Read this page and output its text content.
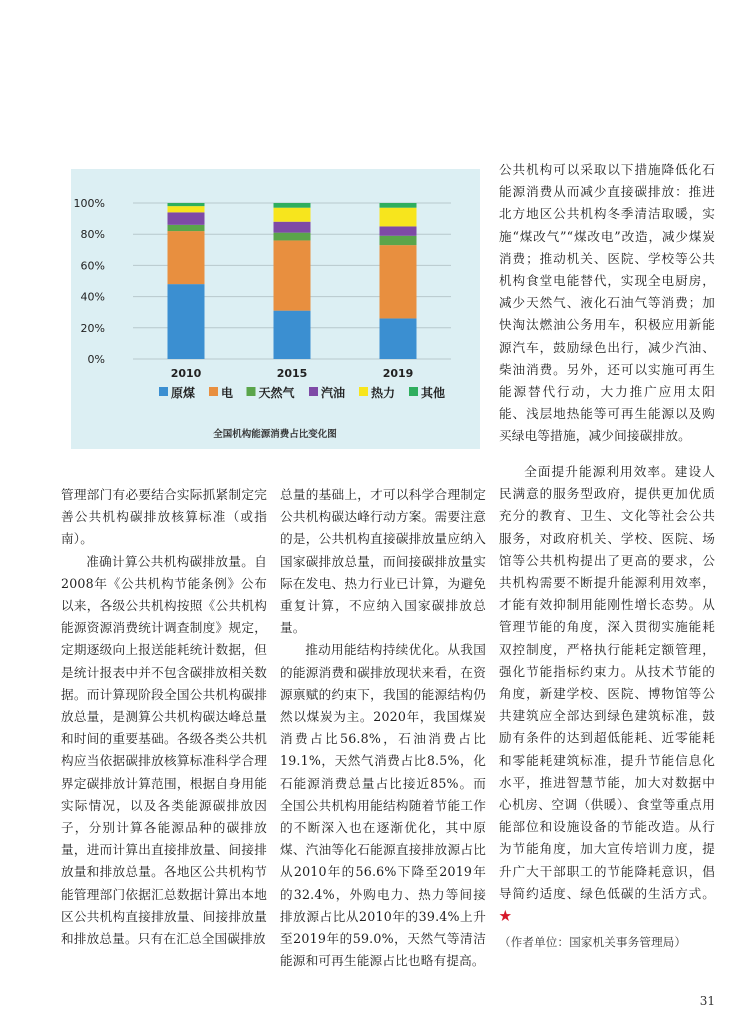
100%
80%
60%
40%
20%
0%
2010	2015	2019
原煤 电 天然气 汽油 热力 其他
全国机构能源消费占比变化图

公共机构可以采取以下措施降低化石能源消费从而减少直接碳排放：推进北方地区公共机构冬季清洁取暖，实施“煤改气”“煤改电”改造，减少煤炭消费；推动机关、医院、学校等公共机构食堂电能替代，实现全电厨房，减少天然气、液化石油气等消费；加快淘汰燃油公务用车，积极应用新能源汽车，鼓励绿色出行，减少汽油、柴油消费。另外，还可以实施可再生能源替代行动，大力推广应用太阳能、浅层地热能等可再生能源以及购买绿电等措施，减少间接碳排放。

管理部门有必要结合实际抓紧制定完善公共机构碳排放核算标准（或指南）。

准确计算公共机构碳排放量。自2008年《公共机构节能条例》公布以来，各级公共机构按照《公共机构能源资源消费统计调查制度》规定，定期逐级向上报送能耗统计数据，但是统计报表中并不包含碳排放相关数据。而计算现阶段全国公共机构碳排放总量，是测算公共机构碳达峰总量和时间的重要基础。各级各类公共机构应当依据碳排放核算标准科学合理界定碳排放计算范围，根据自身用能实际情况，以及各类能源碳排放因子，分别计算各能源品种的碳排放量，进而计算出直接排放量、间接排放量和排放总量。各地区公共机构节能管理部门依据汇总数据计算出本地区公共机构直接排放量、间接排放量和排放总量。只有在汇总全国碳排放

总量的基础上，才可以科学合理制定公共机构碳达峰行动方案。需要注意的是，公共机构直接碳排放量应纳入国家碳排放总量，而间接碳排放量实际在发电、热力行业已计算，为避免重复计算，不应纳入国家碳排放总量。

推动用能结构持续优化。从我国的能源消费和碳排放现状来看，在资源禀赋的约束下，我国的能源结构仍然以煤炭为主。2020年，我国煤炭消费占比56.8%，石油消费占比19.1%，天然气消费占比8.5%，化石能源消费总量占比接近85%。而全国公共机构用能结构随着节能工作的不断深入也在逐渐优化，其中原煤、汽油等化石能源直接排放源占比从2010年的56.6%下降至2019年的32.4%，外购电力、热力等间接排放源占比从2010年的39.4%上升至2019年的59.0%，天然气等清洁能源和可再生能源占比也略有提高。

全面提升能源利用效率。建设人民满意的服务型政府，提供更加优质充分的教育、卫生、文化等社会公共服务，对政府机关、学校、医院、场馆等公共机构提出了更高的要求，公共机构需要不断提升能源利用效率，才能有效抑制用能刚性增长态势。从管理节能的角度，深入贯彻实施能耗双控制度，严格执行能耗定额管理，强化节能指标约束力。从技术节能的角度，新建学校、医院、博物馆等公共建筑应全部达到绿色建筑标准，鼓励有条件的达到超低能耗、近零能耗和零能耗建筑标准，提升节能信息化水平，推进智慧节能，加大对数据中心机房、空调（供暖）、食堂等重点用能部位和设施设备的节能改造。从行为节能角度，加大宣传培训力度，提升广大干部职工的节能降耗意识，倡导简约适度、绿色低碳的生活方式。★

（作者单位：国家机关事务管理局）
31
